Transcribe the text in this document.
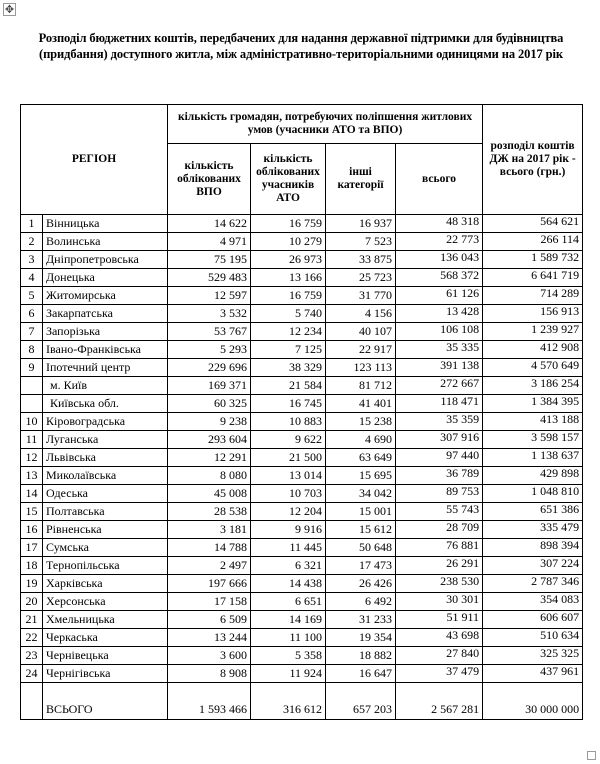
✥
Розподіл бюджетних коштів, передбачених для надання державної підтримки для будівництва (придбання) доступного житла, між адміністративно-територіальними одиницями на 2017 рік
РЕГІОН		кількість громадян, потребуючих поліпшення житлових умов (учасники АТО та ВПО)				розподіл коштів ДЖ на 2017 рік - всього (грн.)
		кількість облікованих ВПО	кількість облікованих учасників АТО	інші категорії	всього	
1	Вінницька	14 622	16 759	16 937	48 318	564 621
2	Волинська	4 971	10 279	7 523	22 773	266 114
3	Дніпропетровська	75 195	26 973	33 875	136 043	1 589 732
4	Донецька	529 483	13 166	25 723	568 372	6 641 719
5	Житомирська	12 597	16 759	31 770	61 126	714 289
6	Закарпатська	3 532	5 740	4 156	13 428	156 913
7	Запорізька	53 767	12 234	40 107	106 108	1 239 927
8	Івано-Франківська	5 293	7 125	22 917	35 335	412 908
9	Іпотечний центр	229 696	38 329	123 113	391 138	4 570 649
	м. Київ	169 371	21 584	81 712	272 667	3 186 254
	Київська обл.	60 325	16 745	41 401	118 471	1 384 395
10	Кіровоградська	9 238	10 883	15 238	35 359	413 188
11	Луганська	293 604	9 622	4 690	307 916	3 598 157
12	Львівська	12 291	21 500	63 649	97 440	1 138 637
13	Миколаївська	8 080	13 014	15 695	36 789	429 898
14	Одеська	45 008	10 703	34 042	89 753	1 048 810
15	Полтавська	28 538	12 204	15 001	55 743	651 386
16	Рівненська	3 181	9 916	15 612	28 709	335 479
17	Сумська	14 788	11 445	50 648	76 881	898 394
18	Тернопільська	2 497	6 321	17 473	26 291	307 224
19	Харківська	197 666	14 438	26 426	238 530	2 787 346
20	Херсонська	17 158	6 651	6 492	30 301	354 083
21	Хмельницька	6 509	14 169	31 233	51 911	606 607
22	Черкаська	13 244	11 100	19 354	43 698	510 634
23	Чернівецька	3 600	5 358	18 882	27 840	325 325
24	Чернігівська	8 908	11 924	16 647	37 479	437 961
	ВСЬОГО	1 593 466	316 612	657 203	2 567 281	30 000 000
